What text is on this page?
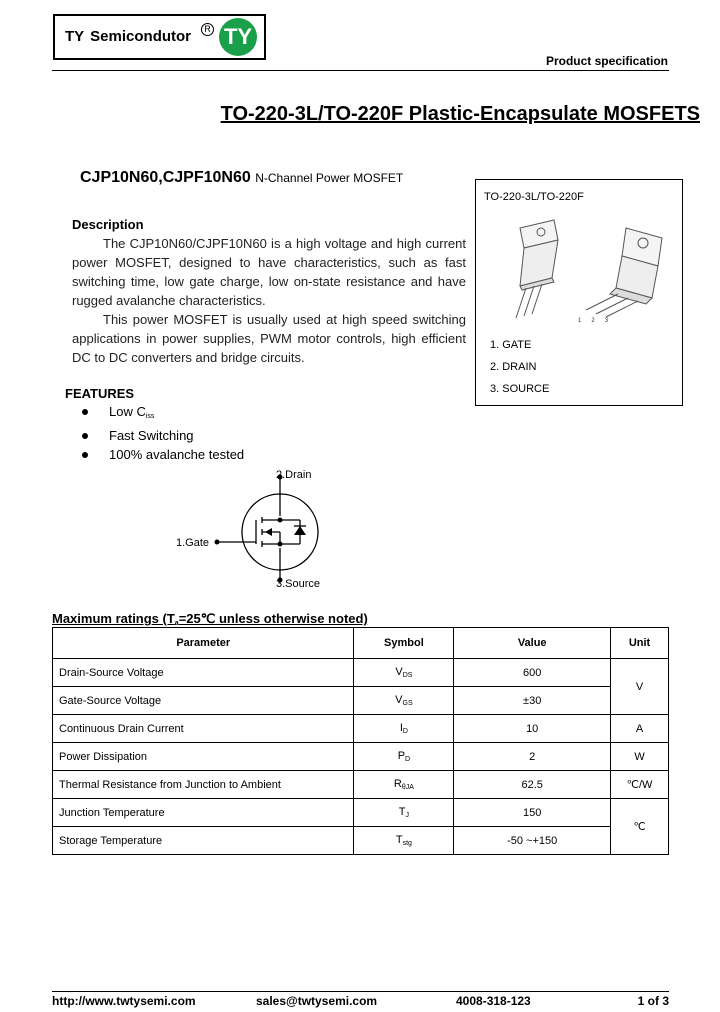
TY Semicondutor	R TY
Product specification
TO-220-3L/TO-220F Plastic-Encapsulate MOSFETS
CJP10N60,CJPF10N60 N-Channel Power MOSFET
Description

The CJP10N60/CJPF10N60 is a high voltage and high current power MOSFET, designed to have characteristics, such as fast switching time, low gate charge, low on-state resistance and have rugged avalanche characteristics.

This power MOSFET is usually used at high speed switching applications in power supplies, PWM motor controls, high efficient DC to DC converters and bridge circuits.

TO-220-3L/TO-220F
1 2 3
1. GATE
2. DRAIN
3. SOURCE
FEATURES
Low $C_{iss}$
Fast Switching
100% avalanche tested
2.Drain
1.Gate
3.Source
Maximum ratings ($T_a=25℃$ unless otherwise noted)
Parameter	Symbol	Value	Unit
Drain-Source Voltage	$V_{DS}$	600	V
Gate-Source Voltage	$V_{GS}$	±30	
Continuous Drain Current	$I_D$	10	A
Power Dissipation	$P_D$	2	W
Thermal Resistance from Junction to Ambient	$R_{\theta JA}$	62.5	℃/W
Junction Temperature	$T_J$	150	℃
Storage Temperature	$T_{stg}$	-50 ~+150	
http://www.twtysemi.com	sales@twtysemi.com	4008-318-123	1 of 3
